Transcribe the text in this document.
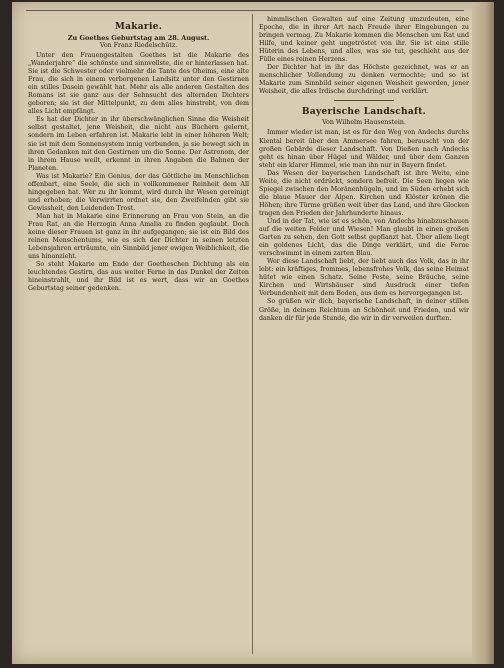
Makarie.
Zu Goethes Geburtstag am 28. August.
Von Franz Riedelschütz.

Unter den Frauengestalten Goethes ist die Makarie des „Wanderjahre“ die schönste und sinnvollste, die er hinterlassen hat. Sie ist die Schwester oder vielmehr die Tante des Oheims, eine alte Frau, die sich in einem verborgenen Landsitz unter den Gestirnen ein stilles Dasein gewählt hat. Mehr als alle anderen Gestalten des Romans ist sie ganz aus der Sehnsucht des alternden Dichters geboren; sie ist der Mittelpunkt, zu dem alles hinstrebt, von dem alles Licht empfängt.

Es hat der Dichter in ihr überschwänglichen Sinne die Weisheit selbst gestaltet, jene Weisheit, die nicht aus Büchern gelernt, sondern im Leben erfahren ist. Makarie lebt in einer höheren Welt; sie ist mit dem Sonnensystem innig verbunden, ja sie bewegt sich in ihren Gedanken mit den Gestirnen um die Sonne. Der Astronom, der in ihrem Hause weilt, erkennt in ihren Angaben die Bahnen der Planeten.

Was ist Makarie? Ein Genius, der das Göttliche im Menschlichen offenbart, eine Seele, die sich in vollkommener Reinheit dem All hingegeben hat. Wer zu ihr kommt, wird durch ihr Wesen gereinigt und erhoben; die Verwirrten ordnet sie, den Zweifelnden gibt sie Gewissheit, den Leidenden Trost.

Man hat in Makarie eine Erinnerung an Frau von Stein, an die Frau Rat, an die Herzogin Anna Amalia zu finden geglaubt. Doch keine dieser Frauen ist ganz in ihr aufgegangen; sie ist ein Bild des reinen Menschentums, wie es sich der Dichter in seinen letzten Lebensjahren erträumte, ein Sinnbild jener ewigen Weiblichkeit, die uns hinanzieht.

So steht Makarie am Ende der Goetheschen Dichtung als ein leuchtendes Gestirn, das aus weiter Ferne in das Dunkel der Zeiten hineinstrahlt, und ihr Bild ist es wert, dass wir an Goethes Geburtstag seiner gedenken.

himmlischen Gewalten auf eine Zeitung umzudeuten, eine Epoche, die in ihrer Art nach Freude ihrer Eingebungen zu bringen vermag. Zu Makarie kommen die Menschen um Rat und Hilfe, und keiner geht ungetröstet von ihr. Sie ist eine stille Hüterin des Lebens, und alles, was sie tut, geschieht aus der Fülle eines reinen Herzens.

Der Dichter hat in ihr das Höchste gezeichnet, was er an menschlicher Vollendung zu denken vermochte; und so ist Makarie zum Sinnbild seiner eigenen Weisheit geworden, jener Weisheit, die alles Irdische durchdringt und verklärt.

Bayerische Landschaft.
Von Wilhelm Hausenstein.

Immer wieder ist man, ist es für den Weg von Andechs durchs Kiental bereit über den Ammersee fahren, berauscht von der großen Gebärde dieser Landschaft. Von Dießen nach Andechs geht es hinan über Hügel und Wälder, und über dem Ganzen steht ein klarer Himmel, wie man ihn nur in Bayern findet.

Das Wesen der bayerischen Landschaft ist ihre Weite, eine Weite, die nicht erdrückt, sondern befreit. Die Seen liegen wie Spiegel zwischen den Moränenhügeln, und im Süden erhebt sich die blaue Mauer der Alpen. Kirchen und Klöster krönen die Höhen; ihre Türme grüßen weit über das Land, und ihre Glocken tragen den Frieden der Jahrhunderte hinaus.

Und in der Tat, wie ist es schön, von Andechs hinabzuschauen auf die weiten Felder und Wiesen! Man glaubt in einen großen Garten zu sehen, den Gott selbst gepflanzt hat. Über allem liegt ein goldenes Licht, das die Dinge verklärt, und die Ferne verschwimmt in einem zarten Blau.

Wer diese Landschaft liebt, der liebt auch das Volk, das in ihr lebt: ein kräftiges, frommes, lebensfrohes Volk, das seine Heimat hütet wie einen Schatz. Seine Feste, seine Bräuche, seine Kirchen und Wirtshäuser sind Ausdruck einer tiefen Verbundenheit mit dem Boden, aus dem es hervorgegangen ist.

So grüßen wir dich, bayerische Landschaft, in deiner stillen Größe, in deinem Reichtum an Schönheit und Frieden, und wir danken dir für jede Stunde, die wir in dir verweilen durften.
